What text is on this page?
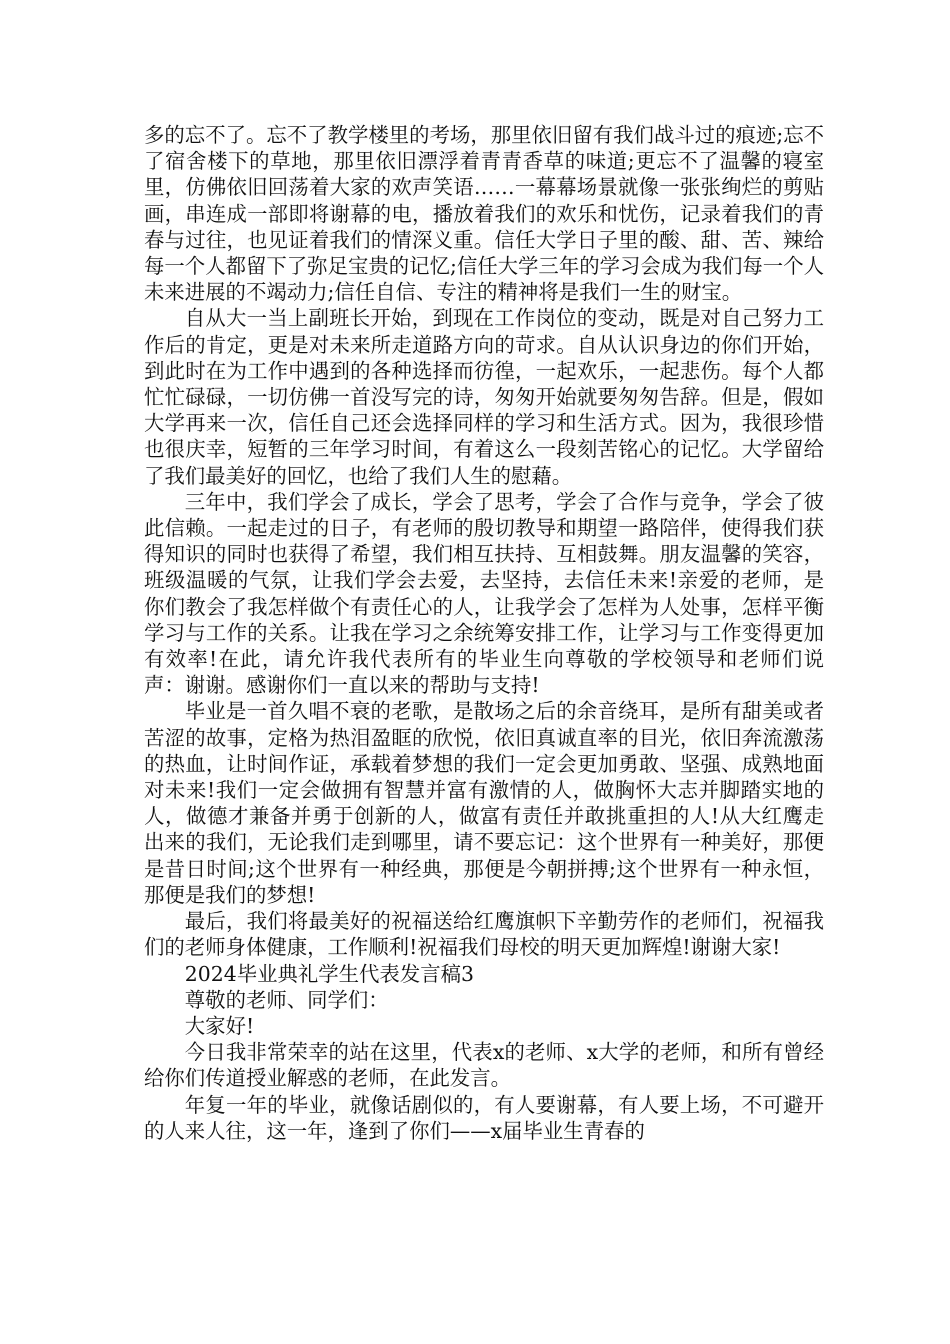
多的忘不了。忘不了教学楼里的考场，那里依旧留有我们战斗过的痕迹;忘不了宿舍楼下的草地，那里依旧漂浮着青青香草的味道;更忘不了温馨的寝室里，仿佛依旧回荡着大家的欢声笑语……一幕幕场景就像一张张绚烂的剪贴画，串连成一部即将谢幕的电，播放着我们的欢乐和忧伤，记录着我们的青春与过往，也见证着我们的情深义重。信任大学日子里的酸、甜、苦、辣给每一个人都留下了弥足宝贵的记忆;信任大学三年的学习会成为我们每一个人未来进展的不竭动力;信任自信、专注的精神将是我们一生的财宝。

自从大一当上副班长开始，到现在工作岗位的变动，既是对自己努力工作后的肯定，更是对未来所走道路方向的苛求。自从认识身边的你们开始，到此时在为工作中遇到的各种选择而彷徨，一起欢乐，一起悲伤。每个人都忙忙碌碌，一切仿佛一首没写完的诗，匆匆开始就要匆匆告辞。但是，假如大学再来一次，信任自己还会选择同样的学习和生活方式。因为，我很珍惜也很庆幸，短暂的三年学习时间，有着这么一段刻苦铭心的记忆。大学留给了我们最美好的回忆，也给了我们人生的慰藉。

三年中，我们学会了成长，学会了思考，学会了合作与竞争，学会了彼此信赖。一起走过的日子，有老师的殷切教导和期望一路陪伴，使得我们获得知识的同时也获得了希望，我们相互扶持、互相鼓舞。朋友温馨的笑容，班级温暖的气氛，让我们学会去爱，去坚持，去信任未来!亲爱的老师，是你们教会了我怎样做个有责任心的人，让我学会了怎样为人处事，怎样平衡学习与工作的关系。让我在学习之余统筹安排工作，让学习与工作变得更加有效率!在此，请允许我代表所有的毕业生向尊敬的学校领导和老师们说声：谢谢。感谢你们一直以来的帮助与支持!

毕业是一首久唱不衰的老歌，是散场之后的余音绕耳，是所有甜美或者苦涩的故事，定格为热泪盈眶的欣悦，依旧真诚直率的目光，依旧奔流激荡的热血，让时间作证，承载着梦想的我们一定会更加勇敢、坚强、成熟地面对未来!我们一定会做拥有智慧并富有激情的人，做胸怀大志并脚踏实地的人，做德才兼备并勇于创新的人，做富有责任并敢挑重担的人!从大红鹰走出来的我们，无论我们走到哪里，请不要忘记：这个世界有一种美好，那便是昔日时间;这个世界有一种经典，那便是今朝拼搏;这个世界有一种永恒，那便是我们的梦想!

最后，我们将最美好的祝福送给红鹰旗帜下辛勤劳作的老师们，祝福我们的老师身体健康，工作顺利!祝福我们母校的明天更加辉煌!谢谢大家!

2024毕业典礼学生代表发言稿3

尊敬的老师、同学们：

大家好!

今日我非常荣幸的站在这里，代表x的老师、x大学的老师，和所有曾经给你们传道授业解惑的老师，在此发言。

年复一年的毕业，就像话剧似的，有人要谢幕，有人要上场，不可避开的人来人往，这一年，逢到了你们——x届毕业生青春的
